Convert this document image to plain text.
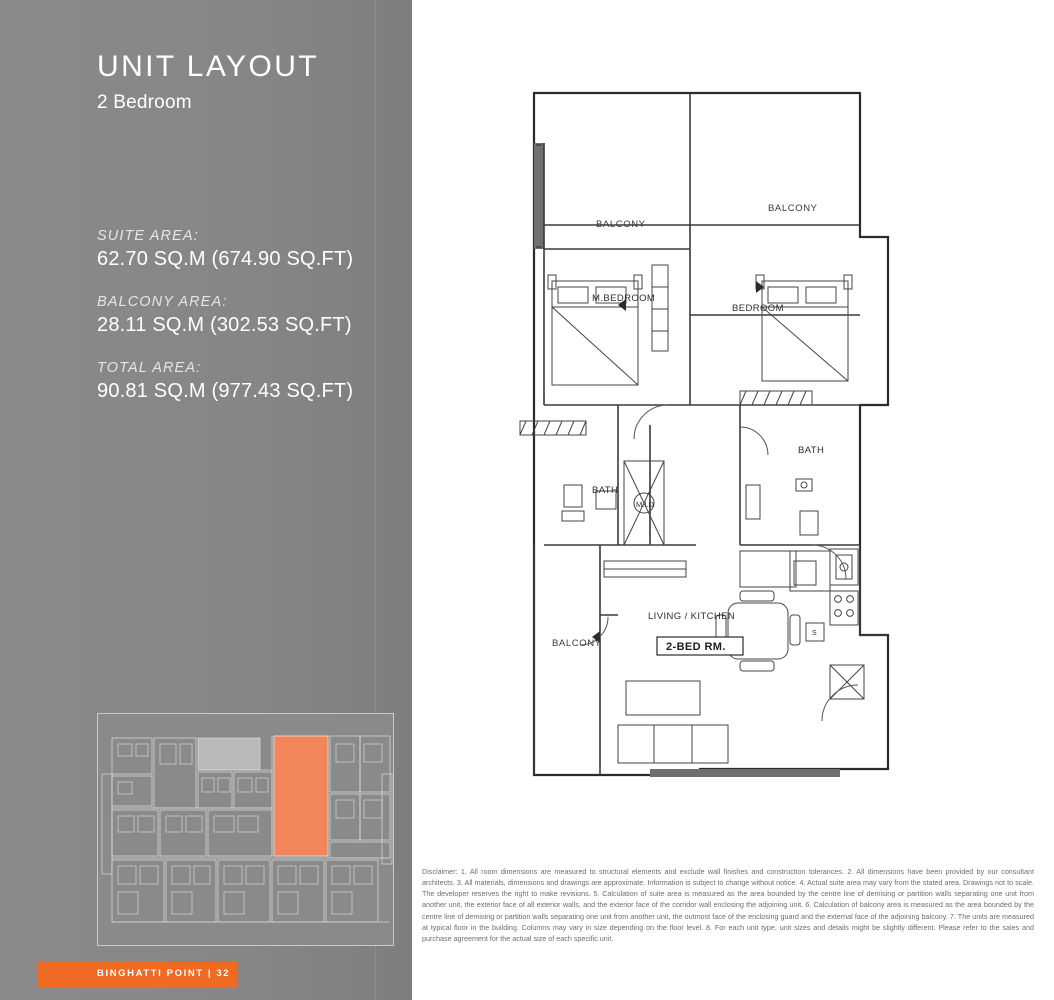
UNIT LAYOUT
2 Bedroom
SUITE AREA:
62.70 SQ.M (674.90 SQ.FT)
BALCONY AREA:
28.11 SQ.M (302.53 SQ.FT)
TOTAL AREA:
90.81 SQ.M (977.43 SQ.FT)
BINGHATTI POINT | 32
BALCONY
BALCONY
BALCONY
M.BEDROOM
BEDROOM
BATH
BATH
M.LD
LIVING / KITCHEN
S
2-BED RM.
Disclaimer: 1. All room dimensions are measured to structural elements and exclude wall finishes and construction tolerances. 2. All dimensions have been provided by our consultant architects. 3. All materials, dimensions and drawings are approximate. Information is subject to change without notice. 4. Actual suite area may vary from the stated area. Drawings not to scale. The developer reserves the right to make revisions. 5. Calculation of suite area is measured as the area bounded by the centre line of demising or partition walls separating one unit from another unit, the exterior face of all exterior walls, and the exterior face of the corridor wall enclosing the adjoining unit. 6. Calculation of balcony area is measured as the area bounded by the centre line of demising or partition walls separating one unit from another unit, the outmost face of the enclosing guard and the external face of the adjoining balcony. 7. The units are measured at typical floor in the building. Columns may vary in size depending on the floor level. 8. For each unit type, unit sizes and details might be slightly different. Please refer to the sales and purchase agreement for the actual size of each specific unit.
